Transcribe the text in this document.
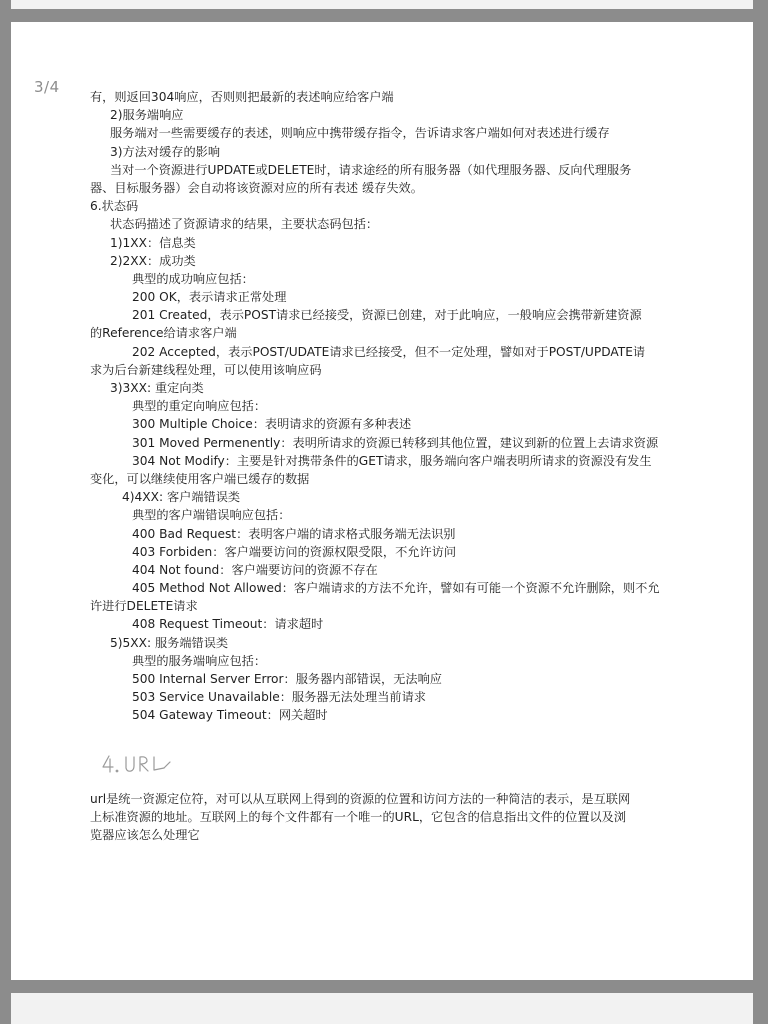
3/4
有，则返回304响应，否则则把最新的表述响应给客户端
2)服务端响应
服务端对一些需要缓存的表述，则响应中携带缓存指令，告诉请求客户端如何对表述进行缓存
3)方法对缓存的影响
当对一个资源进行UPDATE或DELETE时，请求途经的所有服务器（如代理服务器、反向代理服务
器、目标服务器）会自动将该资源对应的所有表述 缓存失效。
6.状态码
状态码描述了资源请求的结果，主要状态码包括：
1)1XX：信息类
2)2XX：成功类
典型的成功响应包括：
200 OK，表示请求正常处理
201 Created，表示POST请求已经接受，资源已创建，对于此响应，一般响应会携带新建资源
的Reference给请求客户端
202 Accepted，表示POST/UDATE请求已经接受，但不一定处理，譬如对于POST/UPDATE请
求为后台新建线程处理，可以使用该响应码
3)3XX: 重定向类
典型的重定向响应包括：
300 Multiple Choice：表明请求的资源有多种表述
301 Moved Permenently：表明所请求的资源已转移到其他位置，建议到新的位置上去请求资源
304 Not Modify：主要是针对携带条件的GET请求，服务端向客户端表明所请求的资源没有发生
变化，可以继续使用客户端已缓存的数据
4)4XX: 客户端错误类
典型的客户端错误响应包括：
400 Bad Request：表明客户端的请求格式服务端无法识别
403 Forbiden：客户端要访问的资源权限受限，不允许访问
404 Not found：客户端要访问的资源不存在
405 Method Not Allowed：客户端请求的方法不允许，譬如有可能一个资源不允许删除，则不允
许进行DELETE请求
408 Request Timeout：请求超时
5)5XX: 服务端错误类
典型的服务端响应包括：
500 Internal Server Error：服务器内部错误，无法响应
503 Service Unavailable：服务器无法处理当前请求
504 Gateway Timeout：网关超时
url是统一资源定位符，对可以从互联网上得到的资源的位置和访问方法的一种简洁的表示，是互联网
上标准资源的地址。互联网上的每个文件都有一个唯一的URL，它包含的信息指出文件的位置以及浏
览器应该怎么处理它
